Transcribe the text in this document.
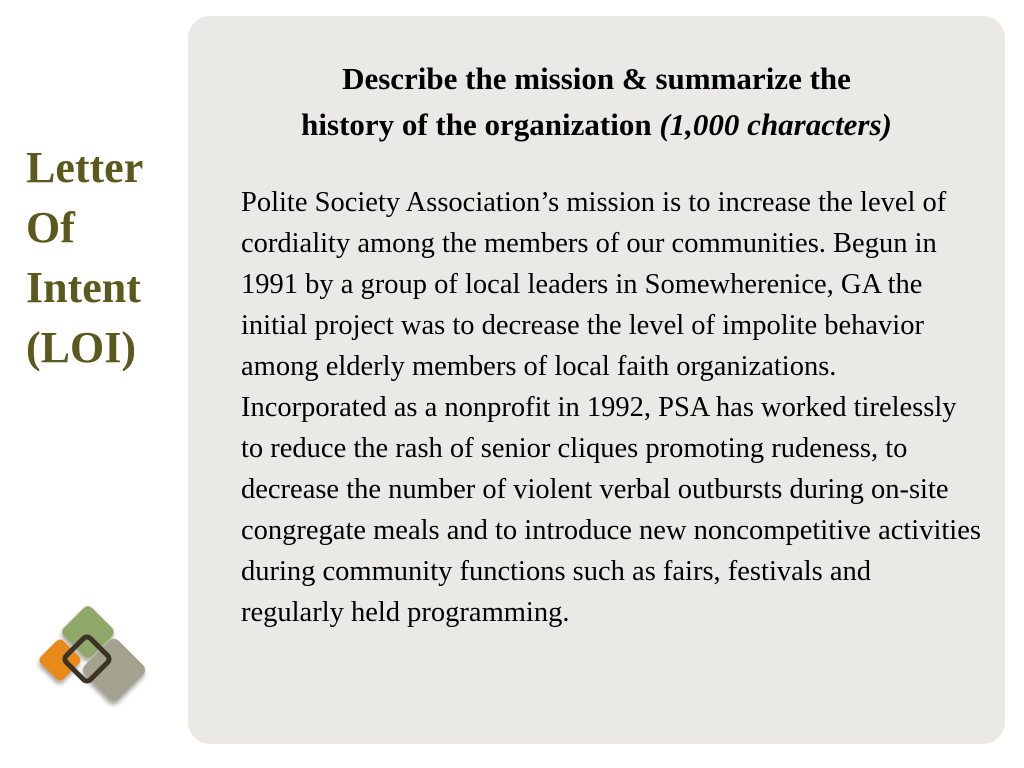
Letter
Of
Intent
(LOI)
Describe the mission & summarize the
history of the organization (1,000 characters)
Polite Society Association’s mission is to increase the level of cordiality among the members of our communities. Begun in 1991 by a group of local leaders in Somewherenice, GA the initial project was to decrease the level of impolite behavior among elderly members of local faith organizations. Incorporated as a nonprofit in 1992, PSA has worked tirelessly to reduce the rash of senior cliques promoting rudeness, to decrease the number of violent verbal outbursts during on-site congregate meals and to introduce new noncompetitive activities during community functions such as fairs, festivals and regularly held programming.
